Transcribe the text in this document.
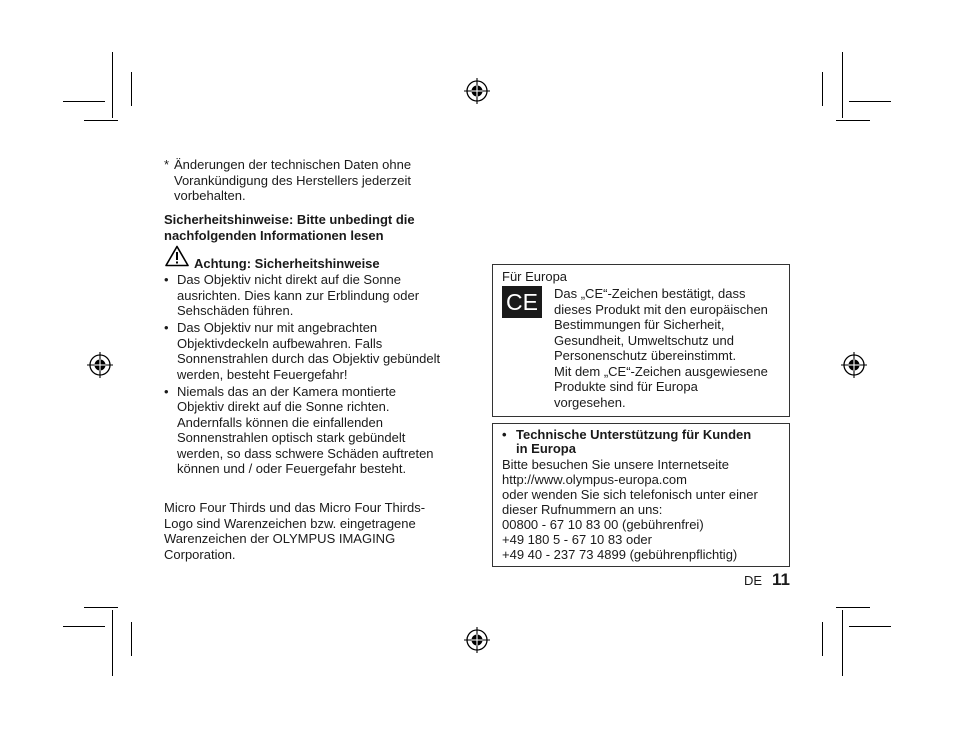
* Änderungen der technischen Daten ohne
Vorankündigung des Herstellers jederzeit
vorbehalten.
Sicherheitshinweise: Bitte unbedingt die
nachfolgenden Informationen lesen
Achtung: Sicherheitshinweise
• Das Objektiv nicht direkt auf die Sonne
ausrichten. Dies kann zur Erblindung oder
Sehschäden führen.
• Das Objektiv nur mit angebrachten
Objektivdeckeln aufbewahren. Falls
Sonnenstrahlen durch das Objektiv gebündelt
werden, besteht Feuergefahr!
• Niemals das an der Kamera montierte
Objektiv direkt auf die Sonne richten.
Andernfalls können die einfallenden
Sonnenstrahlen optisch stark gebündelt
werden, so dass schwere Schäden auftreten
können und / oder Feuergefahr besteht.
Micro Four Thirds und das Micro Four Thirds-
Logo sind Warenzeichen bzw. eingetragene
Warenzeichen der OLYMPUS IMAGING
Corporation.
Für Europa
CE Das „CE“-Zeichen bestätigt, dass
dieses Produkt mit den europäischen
Bestimmungen für Sicherheit,
Gesundheit, Umweltschutz und
Personenschutz übereinstimmt.
Mit dem „CE“-Zeichen ausgewiesene
Produkte sind für Europa
vorgesehen.
• Technische Unterstützung für Kunden
in Europa
Bitte besuchen Sie unsere Internetseite
http://www.olympus-europa.com
oder wenden Sie sich telefonisch unter einer
dieser Rufnummern an uns:
00800 - 67 10 83 00 (gebührenfrei)
+49 180 5 - 67 10 83 oder
+49 40 - 237 73 4899 (gebührenpflichtig)
DE 11
